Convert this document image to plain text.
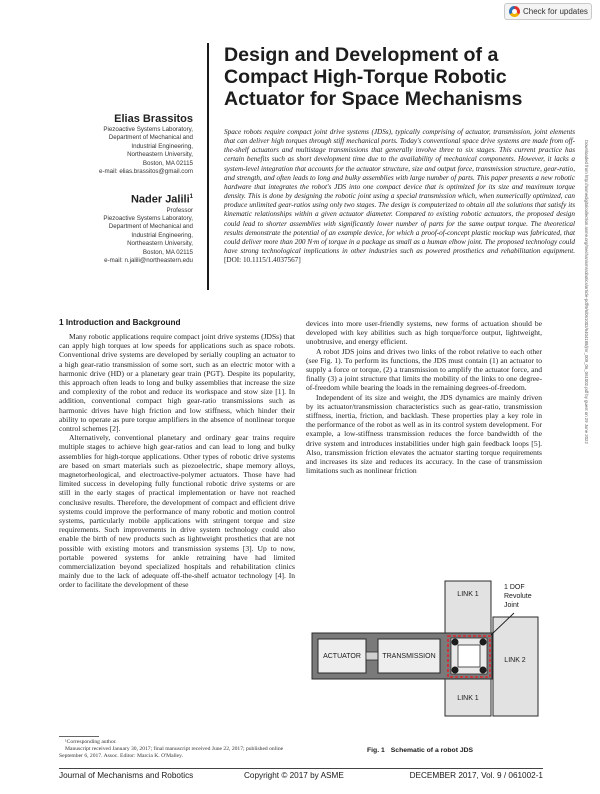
Check for updates
Downloaded from http://asmedigitalcollection.asme.org/mechanismsrobotics/article-pdf/9/6/061002/6404188/jmr_009_06_061002.pdf by guest on 29 June 2022
Design and Development of a Compact High-Torque Robotic Actuator for Space Mechanisms
Elias Brassitos
Piezoactive Systems Laboratory,
Department of Mechanical and
Industrial Engineering,
Northeastern University,
Boston, MA 02115
e-mail: elias.brassitos@gmail.com
Nader Jalili$^1$
Professor
Piezoactive Systems Laboratory,
Department of Mechanical and
Industrial Engineering,
Northeastern University,
Boston, MA 02115
e-mail: n.jalili@northeastern.edu

Space robots require compact joint drive systems (JDSs), typically comprising of actuator, transmission, joint elements that can deliver high torques through stiff mechanical ports. Today's conventional space drive systems are made from off-the-shelf actuators and multistage transmissions that generally involve three to six stages. This current practice has certain benefits such as short development time due to the availability of mechanical components. However, it lacks a system-level integration that accounts for the actuator structure, size and output force, transmission structure, gear-ratio, and strength, and often leads to long and bulky assemblies with large number of parts. This paper presents a new robotic hardware that integrates the robot's JDS into one compact device that is optimized for its size and maximum torque density. This is done by designing the robotic joint using a special transmission which, when numerically optimized, can produce unlimited gear-ratios using only two stages. The design is computerized to obtain all the solutions that satisfy its kinematic relationships within a given actuator diameter. Compared to existing robotic actuators, the proposed design could lead to shorter assemblies with significantly lower number of parts for the same output torque. The theoretical results demonstrate the potential of an example device, for which a proof-of-concept plastic mockup was fabricated, that could deliver more than 200 N·m of torque in a package as small as a human elbow joint. The proposed technology could have strong technological implications in other industries such as powered prosthetics and rehabilitation equipment. [DOI: 10.1115/1.4037567]

1 Introduction and Background

Many robotic applications require compact joint drive systems (JDSs) that can apply high torques at low speeds for applications such as space robots. Conventional drive systems are developed by serially coupling an actuator to a high gear-ratio transmission of some sort, such as an electric motor with a harmonic drive (HD) or a planetary gear train (PGT). Despite its popularity, this approach often leads to long and bulky assemblies that increase the size and complexity of the robot and reduce its workspace and stow size [1]. In addition, conventional compact high gear-ratio transmissions such as harmonic drives have high friction and low stiffness, which hinder their ability to operate as pure torque amplifiers in the absence of nonlinear torque control schemes [2].

Alternatively, conventional planetary and ordinary gear trains require multiple stages to achieve high gear-ratios and can lead to long and bulky assemblies for high-torque applications. Other types of robotic drive systems are based on smart materials such as piezoelectric, shape memory alloys, magnetorheological, and electroactive-polymer actuators. Those have had limited success in developing fully functional robotic drive systems or are still in the early stages of practical implementation or have not reached conclusive results. Therefore, the development of compact and efficient drive systems could improve the performance of many robotic and motion control systems, particularly mobile applications with stringent torque and size requirements. Such improvements in drive system technology could also enable the birth of new products such as lightweight prosthetics that are not possible with existing motors and transmission systems [3]. Up to now, portable powered systems for ankle retraining have had limited commercialization beyond specialized hospitals and rehabilitation clinics mainly due to the lack of adequate off-the-shelf actuator technology [4]. In order to facilitate the development of these

devices into more user-friendly systems, new forms of actuation should be developed with key abilities such as high torque/force output, lightweight, unobtrusive, and energy efficient.

A robot JDS joins and drives two links of the robot relative to each other (see Fig. 1). To perform its functions, the JDS must contain (1) an actuator to supply a force or torque, (2) a transmission to amplify the actuator force, and finally (3) a joint structure that limits the mobility of the links to one degree-of-freedom while bearing the loads in the remaining degrees-of-freedom.

Independent of its size and weight, the JDS dynamics are mainly driven by its actuator/transmission characteristics such as gear-ratio, transmission stiffness, inertia, friction, and backlash. These properties play a key role in the performance of the robot as well as in its control system development. For example, a low-stiffness transmission reduces the force bandwidth of the drive system and introduces instabilities under high gain feedback loops [5]. Also, transmission friction elevates the actuator starting torque requirements and increases its size and reduces its accuracy. In the case of transmission limitations such as nonlinear friction

LINK 1
LINK 2
LINK 1
ACTUATOR	TRANSMISSION
1 DOF
Revolute
Joint
Fig. 1 Schematic of a robot JDS
¹Corresponding author.
Manuscript received January 30, 2017; final manuscript received June 22, 2017; published online September 6, 2017. Assoc. Editor: Marcia K. O'Malley.
Journal of Mechanisms and Robotics	Copyright © 2017 by ASME	DECEMBER 2017, Vol. 9 / 061002-1
